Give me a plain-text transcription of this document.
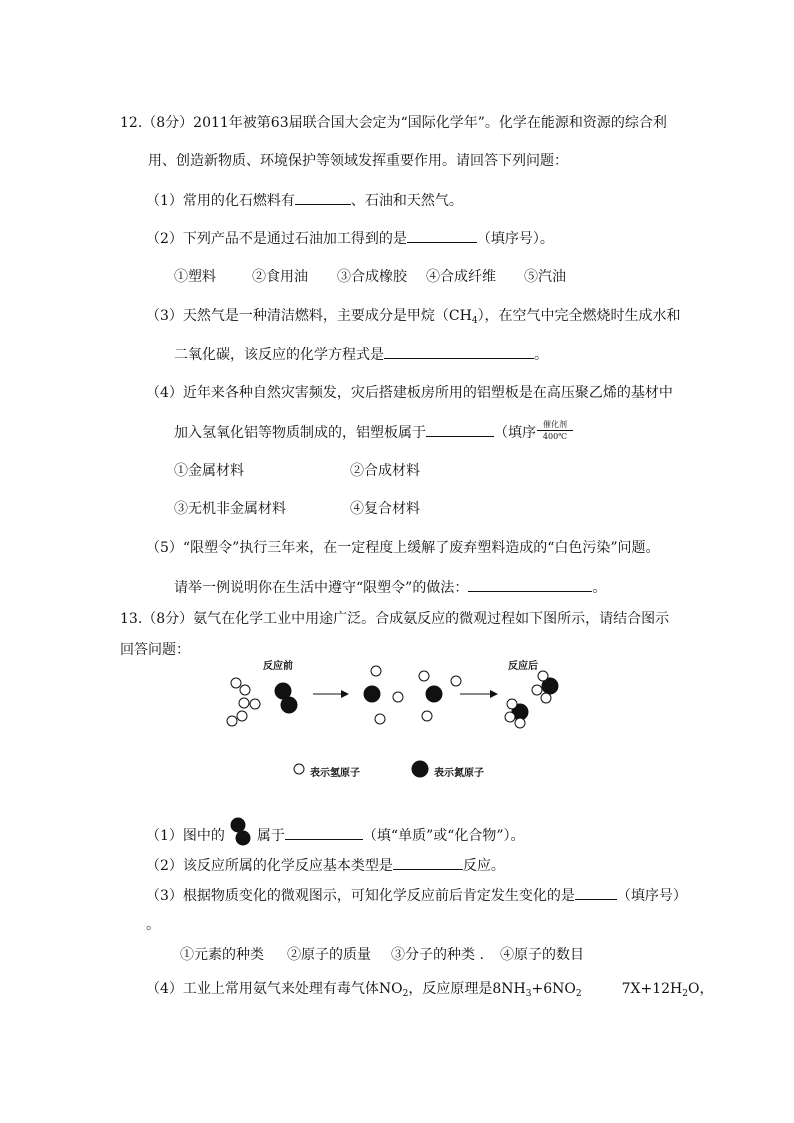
12.（8分）2011年被第63届联合国大会定为“国际化学年”。化学在能源和资源的综合利
用、创造新物质、环境保护等领域发挥重要作用。请回答下列问题：
（1）常用的化石燃料有	、石油和天然气。
（2）下列产品不是通过石油加工得到的是	（填序号）。
①塑料	②食用油 ③合成橡胶 ④合成纤维 ⑤汽油
（3）天然气是一种清洁燃料，主要成分是甲烷$(CH_4)$，在空气中完全燃烧时生成水和
二氧化碳，该反应的化学方程式是	。
（4）近年来各种自然灾害频发，灾后搭建板房所用的铝塑板是在高压聚乙烯的基材中
加入氢氧化铝等物质制成的，铝塑板属于	（填序
催化剂
400℃
①金属材料	②合成材料
③无机非金属材料	④复合材料
（5）“限塑令”执行三年来，在一定程度上缓解了废弃塑料造成的“白色污染”问题。
请举一例说明你在生活中遵守“限塑令”的做法：	。
13.（8分）氨气在化学工业中用途广泛。合成氨反应的微观过程如下图所示，请结合图示
回答问题：
反应前	反应后
表示氢原子	表示氮原子
（1）图中的 属于	（填“单质”或“化合物”）。
（2）该反应所属的化学反应基本类型是	反应。
（3）根据物质变化的微观图示，可知化学反应前后肯定发生变化的是	（填序号）
。
①元素的种类 ②原子的质量 ③分子的种类 . ④原子的数目
（4）工业上常用氨气来处理有毒气体$NO_2$，反应原理是$8NH_3+6NO_2$	$7X+12H_2O$，
